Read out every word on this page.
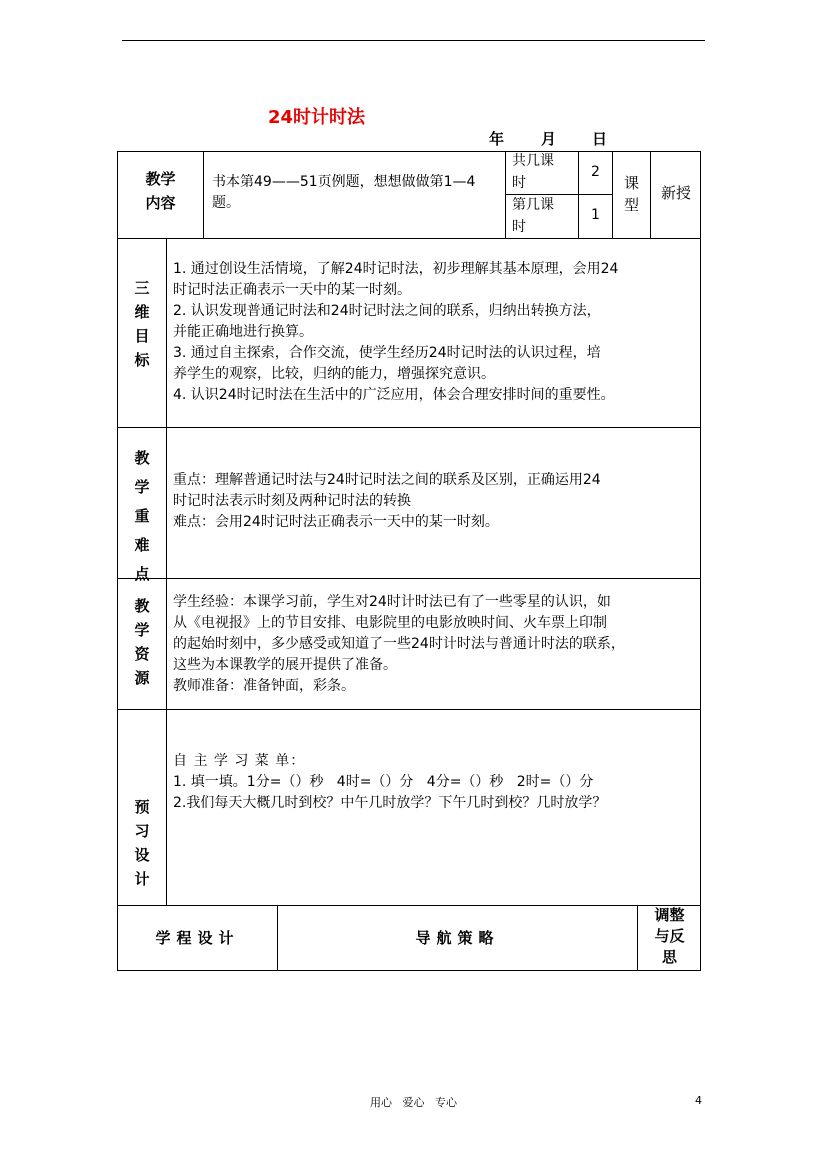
24时计时法
年 月 日
教学
内容
书本第49——51页例题，想想做做第1—4题。
共几课
时
2
第几课
时
1
课
型
新授
三
维
目
标
1. 通过创设生活情境，了解24时记时法，初步理解其基本原理，会用24
时记时法正确表示一天中的某一时刻。
2. 认识发现普通记时法和24时记时法之间的联系，归纳出转换方法，
并能正确地进行换算。
3. 通过自主探索，合作交流，使学生经历24时记时法的认识过程，培
养学生的观察，比较，归纳的能力，增强探究意识。
4. 认识24时记时法在生活中的广泛应用，体会合理安排时间的重要性。
教
学
重
难
点
重点：理解普通记时法与24时记时法之间的联系及区别，正确运用24
时记时法表示时刻及两种记时法的转换
难点：会用24时记时法正确表示一天中的某一时刻。
教
学
资
源
学生经验：本课学习前，学生对24时计时法已有了一些零星的认识，如
从《电视报》上的节目安排、电影院里的电影放映时间、火车票上印制
的起始时刻中，多少感受或知道了一些24时计时法与普通计时法的联系，
这些为本课教学的展开提供了准备。
教师准备：准备钟面，彩条。
预
习
设
计
自 主 学 习 菜 单：
1. 填一填。1分=（）秒   4时=（）分   4分=（）秒   2时=（）分
2.我们每天大概几时到校？中午几时放学？下午几时到校？几时放学？
学程设计	导航策略
调整
与反
思
用心   爱心   专心	4
